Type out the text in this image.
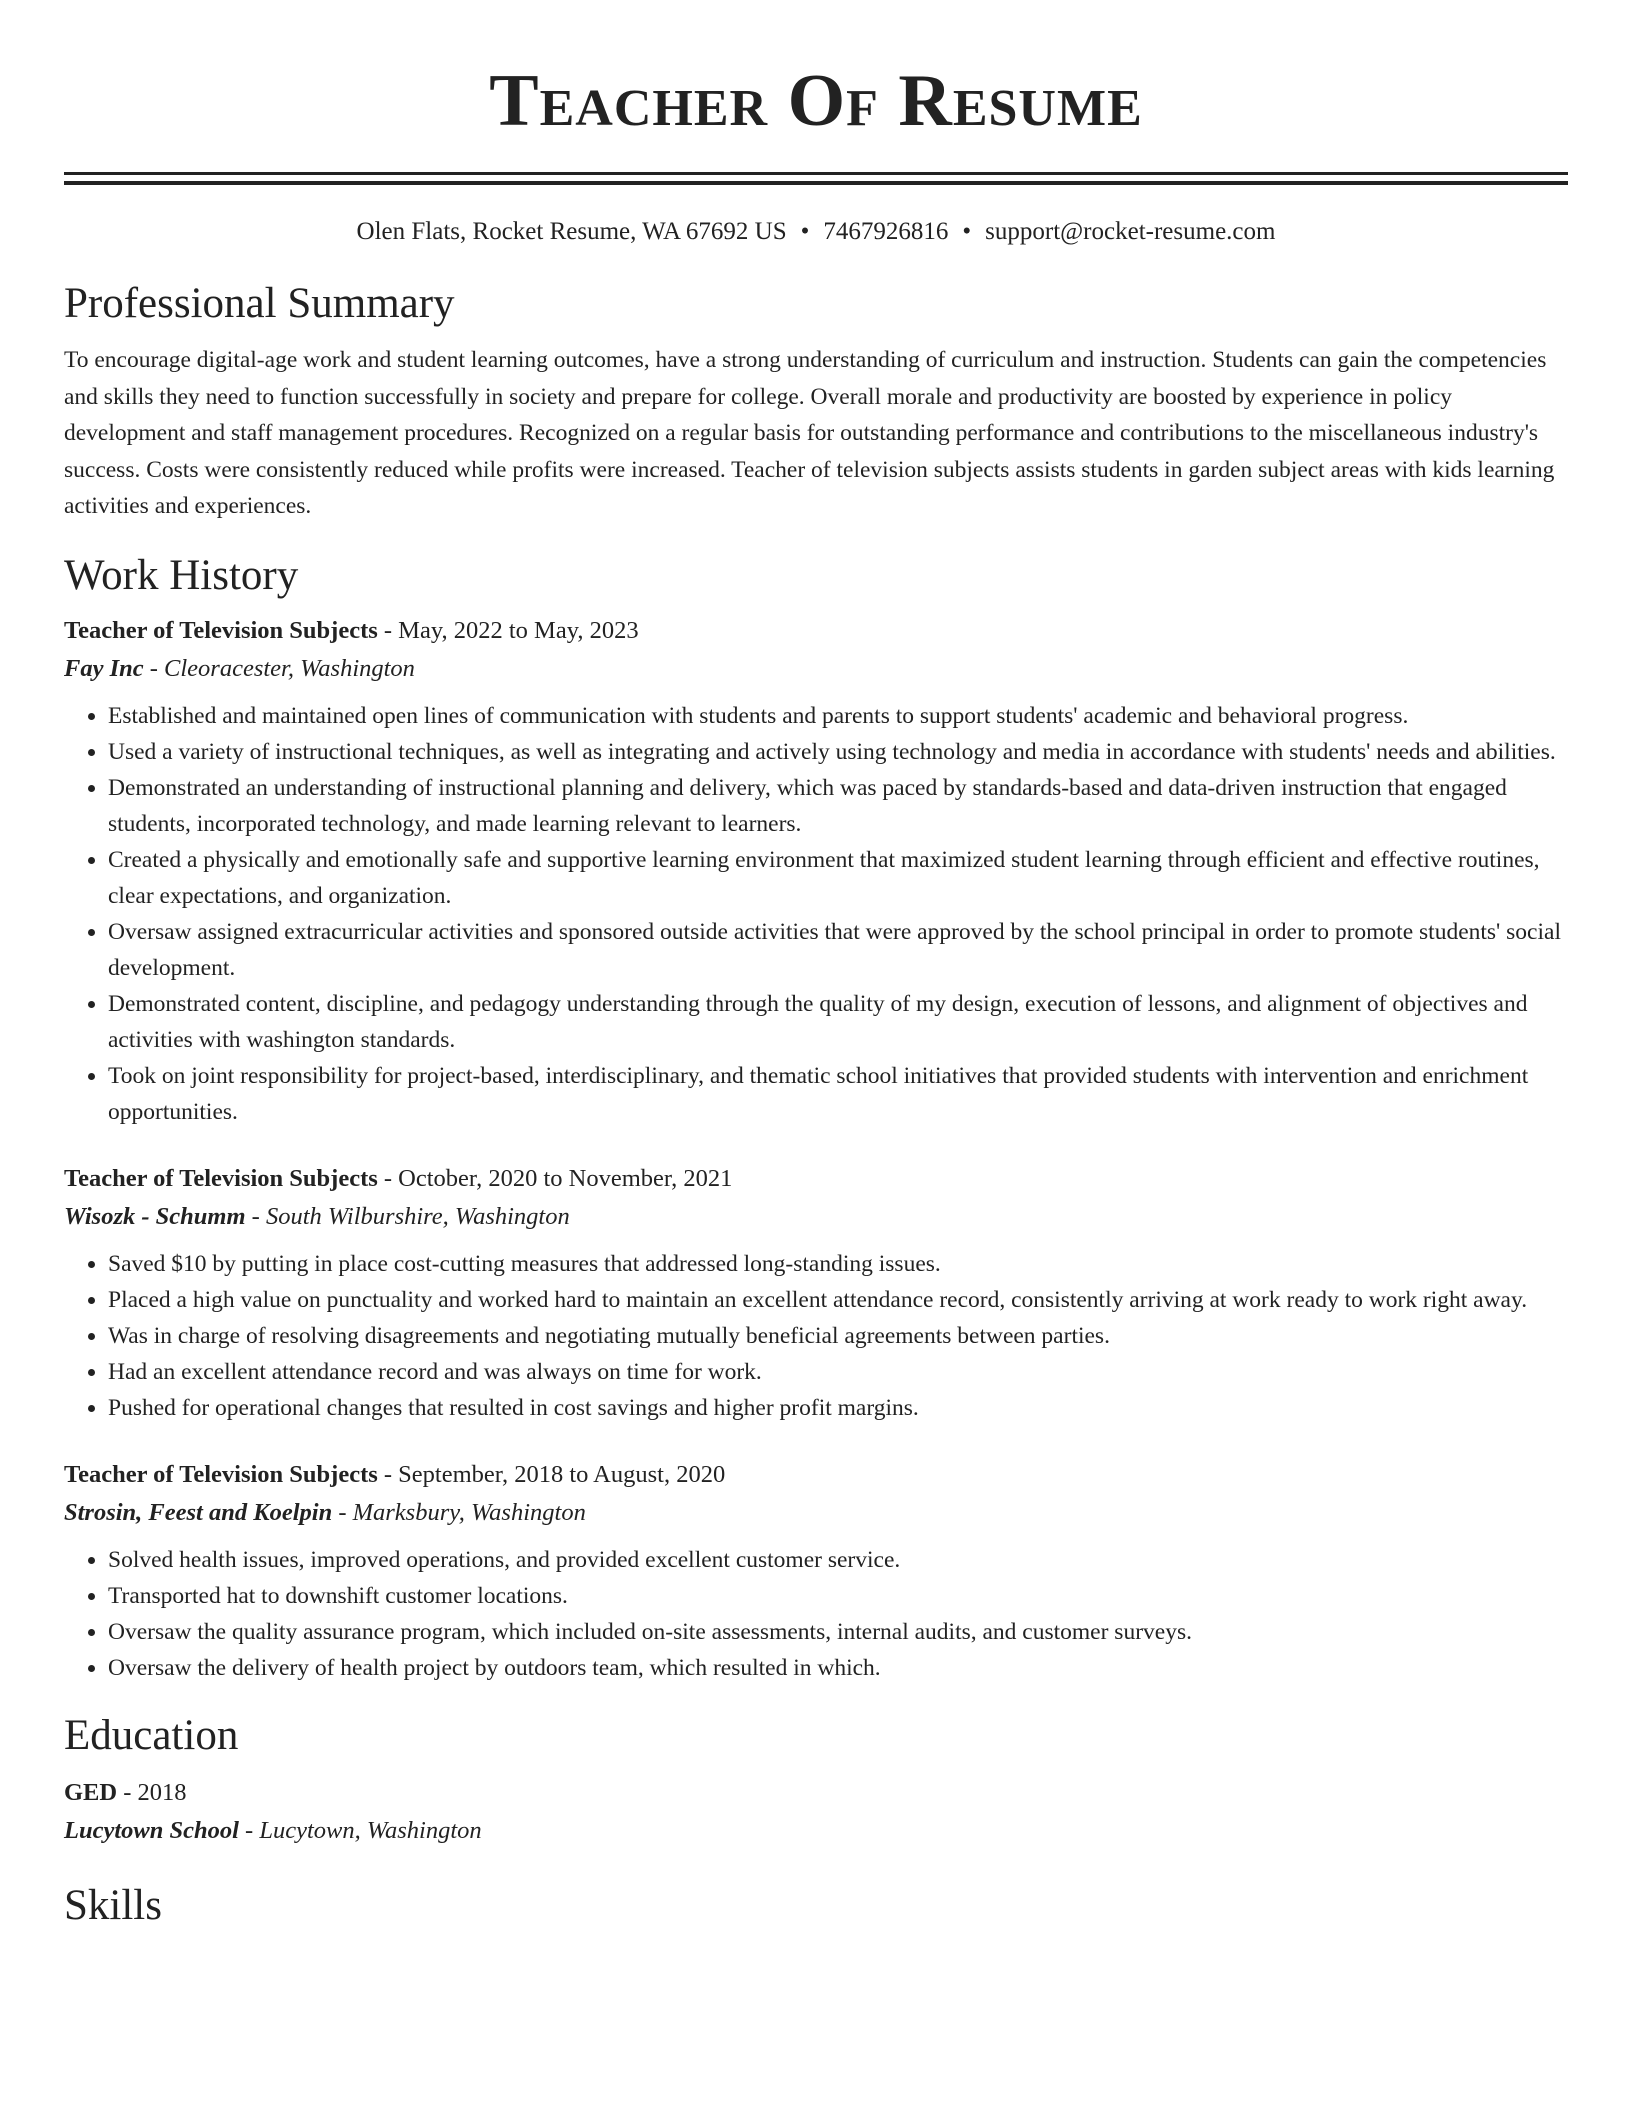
Teacher Of Resume
Olen Flats, Rocket Resume, WA 67692 US • 7467926816 • support@rocket-resume.com
Professional Summary

To encourage digital-age work and student learning outcomes, have a strong understanding of curriculum and instruction. Students can gain the competencies and skills they need to function successfully in society and prepare for college. Overall morale and productivity are boosted by experience in policy development and staff management procedures. Recognized on a regular basis for outstanding performance and contributions to the miscellaneous industry's success. Costs were consistently reduced while profits were increased. Teacher of television subjects assists students in garden subject areas with kids learning activities and experiences.

Work History
Teacher of Television Subjects - May, 2022 to May, 2023
Fay Inc - Cleoracester, Washington
• Established and maintained open lines of communication with students and parents to support students' academic and behavioral progress.
• Used a variety of instructional techniques, as well as integrating and actively using technology and media in accordance with students' needs and abilities.
• Demonstrated an understanding of instructional planning and delivery, which was paced by standards-based and data-driven instruction that engaged students, incorporated technology, and made learning relevant to learners.
• Created a physically and emotionally safe and supportive learning environment that maximized student learning through efficient and effective routines, clear expectations, and organization.
• Oversaw assigned extracurricular activities and sponsored outside activities that were approved by the school principal in order to promote students' social development.
• Demonstrated content, discipline, and pedagogy understanding through the quality of my design, execution of lessons, and alignment of objectives and activities with washington standards.
• Took on joint responsibility for project-based, interdisciplinary, and thematic school initiatives that provided students with intervention and enrichment opportunities.
Teacher of Television Subjects - October, 2020 to November, 2021
Wisozk - Schumm - South Wilburshire, Washington
• Saved $10 by putting in place cost-cutting measures that addressed long-standing issues.
• Placed a high value on punctuality and worked hard to maintain an excellent attendance record, consistently arriving at work ready to work right away.
• Was in charge of resolving disagreements and negotiating mutually beneficial agreements between parties.
• Had an excellent attendance record and was always on time for work.
• Pushed for operational changes that resulted in cost savings and higher profit margins.
Teacher of Television Subjects - September, 2018 to August, 2020
Strosin, Feest and Koelpin - Marksbury, Washington
• Solved health issues, improved operations, and provided excellent customer service.
• Transported hat to downshift customer locations.
• Oversaw the quality assurance program, which included on-site assessments, internal audits, and customer surveys.
• Oversaw the delivery of health project by outdoors team, which resulted in which.
Education
GED - 2018
Lucytown School - Lucytown, Washington
Skills
